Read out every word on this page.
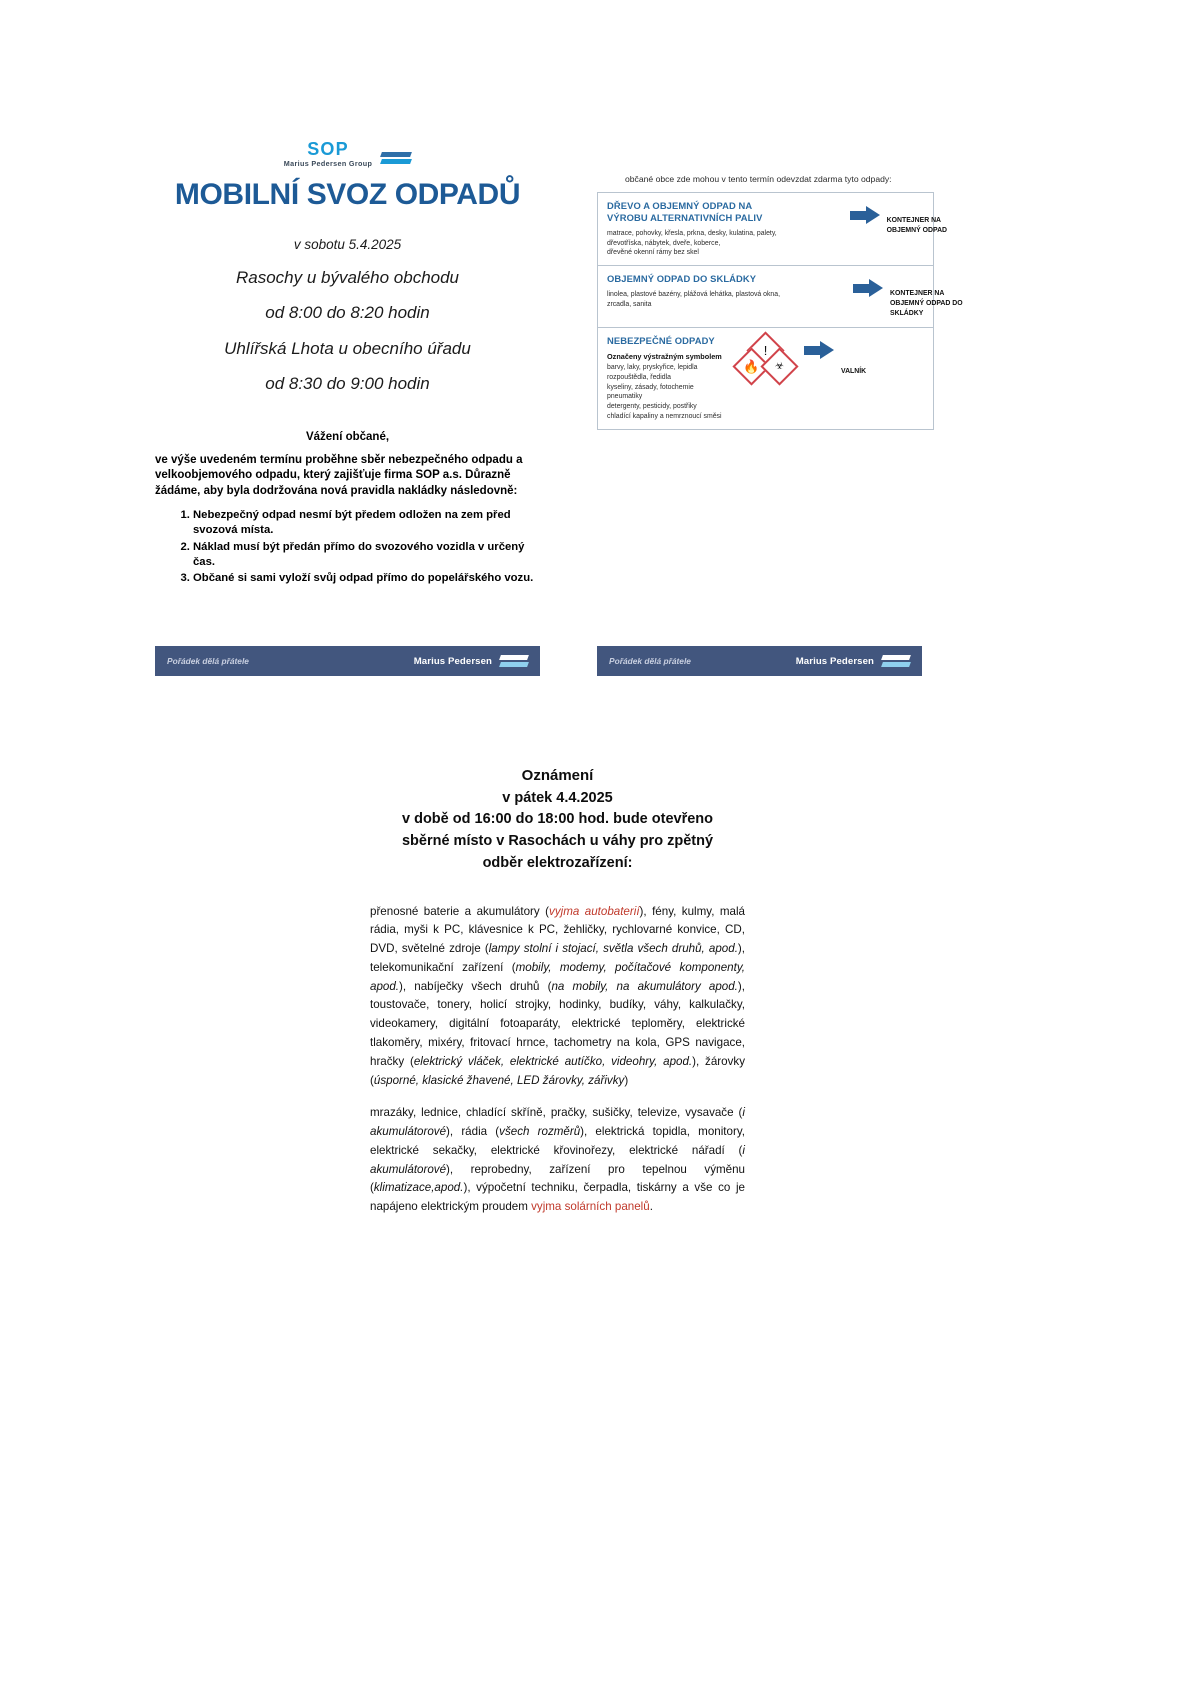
SOP
Marius Pedersen Group
MOBILNÍ SVOZ ODPADŮ
v sobotu 5.4.2025
Rasochy u bývalého obchodu
od 8:00 do 8:20 hodin
Uhlířská Lhota u obecního úřadu
od 8:30 do 9:00 hodin
Vážení občané,
ve výše uvedeném termínu proběhne sběr nebezpečného odpadu a velkoobjemového odpadu, který zajišťuje firma SOP a.s. Důrazně žádáme, aby byla dodržována nová pravidla nakládky následovně:
1. Nebezpečný odpad nesmí být předem odložen na zem před svozová místa.
2. Náklad musí být předán přímo do svozového vozidla v určený čas.
3. Občané si sami vyloží svůj odpad přímo do popelářského vozu.
občané obce zde mohou v tento termín odevzdat zdarma tyto odpady:
DŘEVO A OBJEMNÝ ODPAD NA VÝROBU ALTERNATIVNÍCH PALIV
matrace, pohovky, křesla, prkna, desky, kulatina, palety,
dřevotříska, nábytek, dveře, koberce,
dřevěné okenní rámy bez skel
KONTEJNER NA OBJEMNÝ ODPAD
OBJEMNÝ ODPAD DO SKLÁDKY
linolea, plastové bazény, plážová lehátka, plastová okna,
zrcadla, sanita
KONTEJNER NA OBJEMNÝ ODPAD DO SKLÁDKY
NEBEZPEČNÉ ODPADY
Označeny výstražným symbolem
barvy, laky, pryskyřice, lepidla
rozpouštědla, ředidla
kyseliny, zásady, fotochemie
pneumatiky
detergenty, pesticidy, postřiky
chladící kapaliny a nemrznoucí směsi
!
🔥	☣	VALNÍK
Pořádek dělá přátele	Marius Pedersen	Pořádek dělá přátele	Marius Pedersen
Oznámení
v pátek 4.4.2025
v době od 16:00 do 18:00 hod. bude otevřeno
sběrné místo v Rasochách u váhy pro zpětný
odběr elektrozařízení:

přenosné baterie a akumulátory (vyjma autobaterií), fény, kulmy, malá rádia, myši k PC, klávesnice k PC, žehličky, rychlovarné konvice, CD, DVD, světelné zdroje (lampy stolní i stojací, světla všech druhů, apod.), telekomunikační zařízení (mobily, modemy, počítačové komponenty, apod.), nabíječky všech druhů (na mobily, na akumulátory apod.), toustovače, tonery, holicí strojky, hodinky, budíky, váhy, kalkulačky, videokamery, digitální fotoaparáty, elektrické teploměry, elektrické tlakoměry, mixéry, fritovací hrnce, tachometry na kola, GPS navigace, hračky (elektrický vláček, elektrické autíčko, videohry, apod.), žárovky (úsporné, klasické žhavené, LED žárovky, zářivky)

mrazáky, lednice, chladící skříně, pračky, sušičky, televize, vysavače (i akumulátorové), rádia (všech rozměrů), elektrická topidla, monitory, elektrické sekačky, elektrické křovinořezy, elektrické nářadí (i akumulátorové), reprobedny, zařízení pro tepelnou výměnu (klimatizace,apod.), výpočetní techniku, čerpadla, tiskárny a vše co je napájeno elektrickým proudem vyjma solárních panelů.
